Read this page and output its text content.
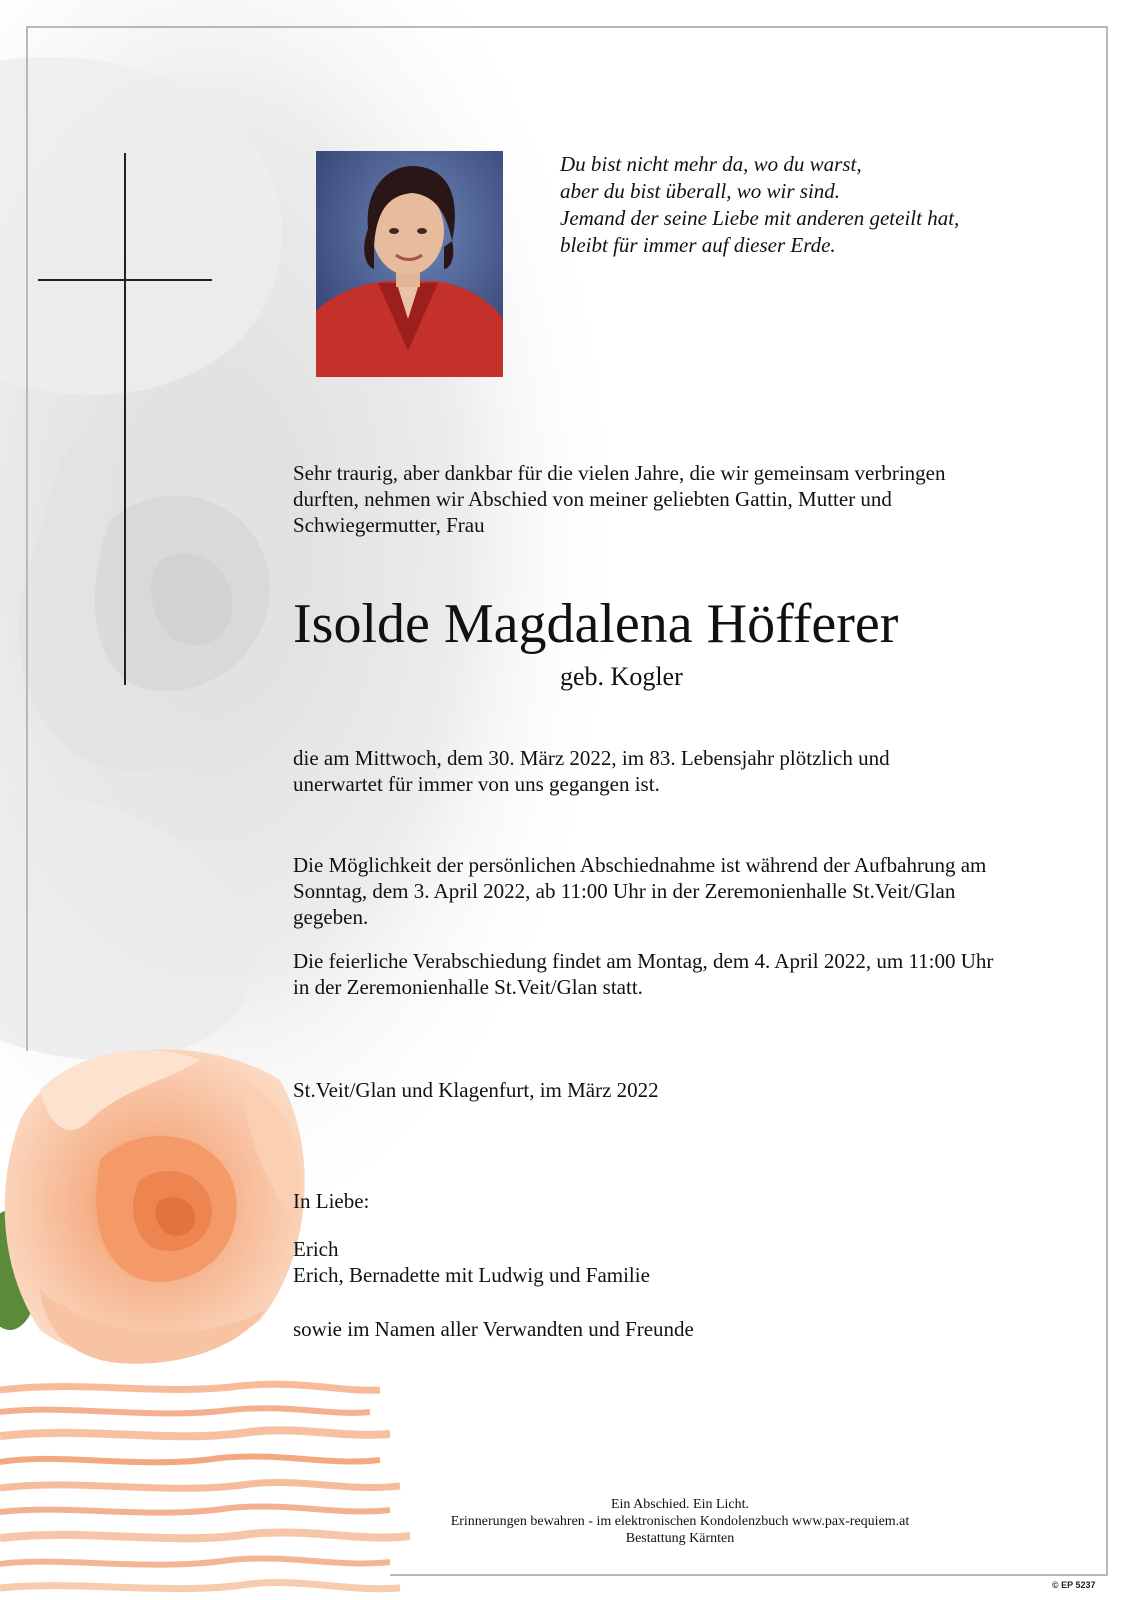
Du bist nicht mehr da, wo du warst,
aber du bist überall, wo wir sind.
Jemand der seine Liebe mit anderen geteilt hat,
bleibt für immer auf dieser Erde.
Sehr traurig, aber dankbar für die vielen Jahre, die wir gemeinsam verbringen
durften, nehmen wir Abschied von meiner geliebten Gattin, Mutter und
Schwiegermutter, Frau
Isolde Magdalena Höfferer
geb. Kogler
die am Mittwoch, dem 30. März 2022, im 83. Lebensjahr plötzlich und
unerwartet für immer von uns gegangen ist.
Die Möglichkeit der persönlichen Abschiednahme ist während der Aufbahrung am
Sonntag, dem 3. April 2022, ab 11:00 Uhr in der Zeremonienhalle St.Veit/Glan
gegeben.
Die feierliche Verabschiedung findet am Montag, dem 4. April 2022, um 11:00 Uhr
in der Zeremonienhalle St.Veit/Glan statt.
St.Veit/Glan und Klagenfurt, im März 2022
In Liebe:
Erich
Erich, Bernadette mit Ludwig und Familie
sowie im Namen aller Verwandten und Freunde
Ein Abschied. Ein Licht.
Erinnerungen bewahren - im elektronischen Kondolenzbuch www.pax-requiem.at
Bestattung Kärnten
© EP 5237
